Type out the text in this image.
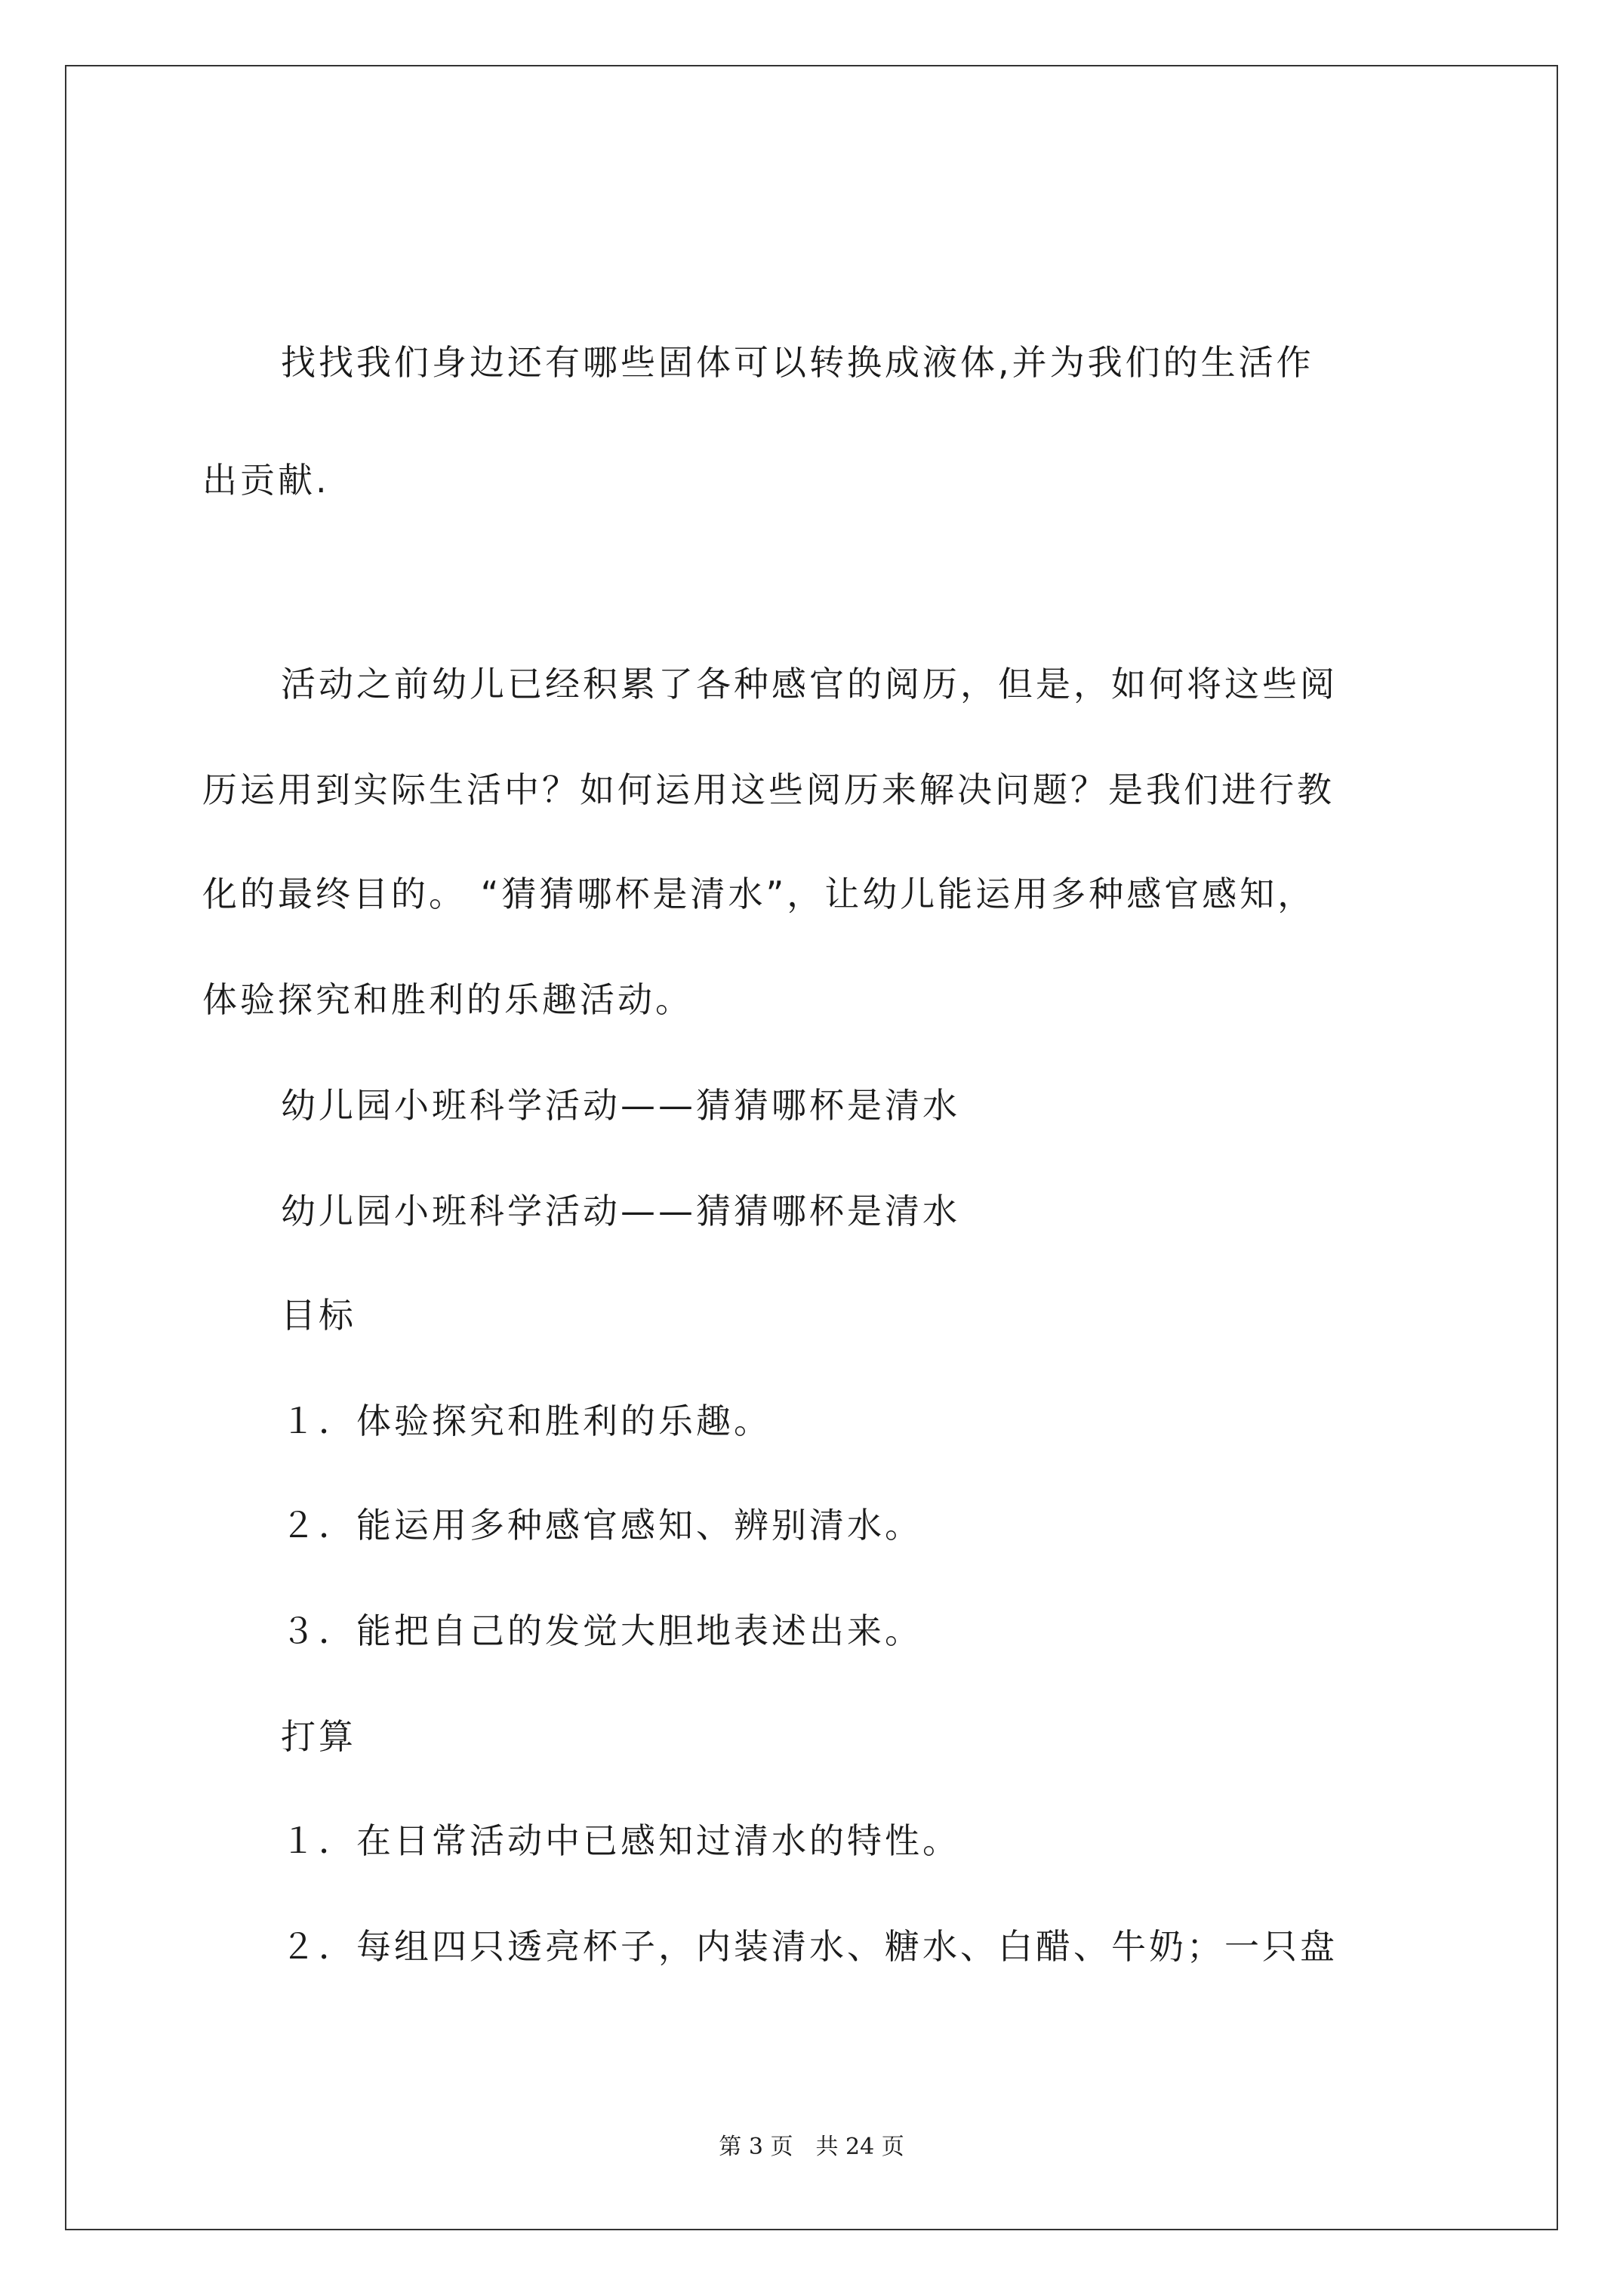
找找我们身边还有哪些固体可以转换成液体,并为我们的生活作
出贡献.
活动之前幼儿已经积累了各种感官的阅历，但是，如何将这些阅
历运用到实际生活中？如何运用这些阅历来解决问题？是我们进行教
化的最终目的。 “猜猜哪杯是清水”，让幼儿能运用多种感官感知，
体验探究和胜利的乐趣活动。
幼儿园小班科学活动——猜猜哪杯是清水
幼儿园小班科学活动——猜猜哪杯是清水
目标
１．体验探究和胜利的乐趣。
２．能运用多种感官感知、辨别清水。
３．能把自己的发觉大胆地表述出来。
打算
１．在日常活动中已感知过清水的特性。
２．每组四只透亮杯子，内装清水、糖水、白醋、牛奶；一只盘
第 3 页　共 24 页
